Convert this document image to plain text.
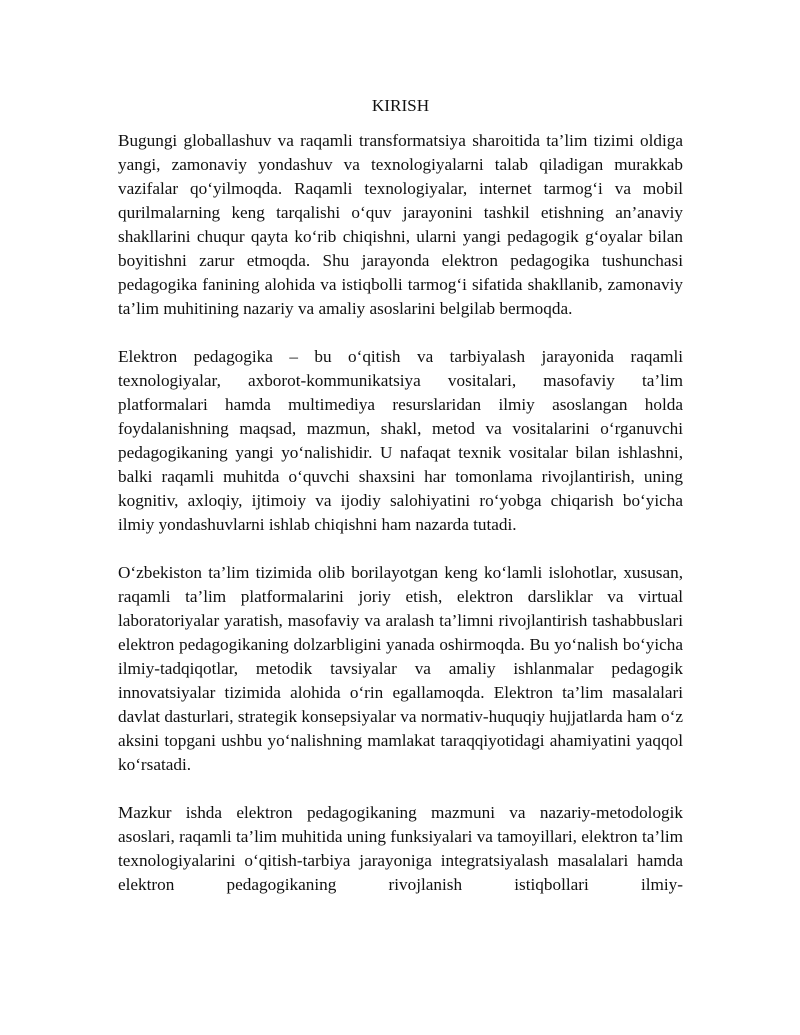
KIRISH

Bugungi globallashuv va raqamli transformatsiya sharoitida ta’lim tizimi oldiga yangi, zamonaviy yondashuv va texnologiyalarni talab qiladigan murakkab vazifalar qo‘yilmoqda. Raqamli texnologiyalar, internet tarmog‘i va mobil qurilmalarning keng tarqalishi o‘quv jarayonini tashkil etishning an’anaviy shakllarini chuqur qayta ko‘rib chiqishni, ularni yangi pedagogik g‘oyalar bilan boyitishni zarur etmoqda. Shu jarayonda elektron pedagogika tushunchasi pedagogika fanining alohida va istiqbolli tarmog‘i sifatida shakllanib, zamonaviy ta’lim muhitining nazariy va amaliy asoslarini belgilab bermoqda.

Elektron pedagogika – bu o‘qitish va tarbiyalash jarayonida raqamli texnologiyalar, axborot-kommunikatsiya vositalari, masofaviy ta’lim platformalari hamda multimediya resurslaridan ilmiy asoslangan holda foydalanishning maqsad, mazmun, shakl, metod va vositalarini o‘rganuvchi pedagogikaning yangi yo‘nalishidir. U nafaqat texnik vositalar bilan ishlashni, balki raqamli muhitda o‘quvchi shaxsini har tomonlama rivojlantirish, uning kognitiv, axloqiy, ijtimoiy va ijodiy salohiyatini ro‘yobga chiqarish bo‘yicha ilmiy yondashuvlarni ishlab chiqishni ham nazarda tutadi.

O‘zbekiston ta’lim tizimida olib borilayotgan keng ko‘lamli islohotlar, xususan, raqamli ta’lim platformalarini joriy etish, elektron darsliklar va virtual laboratoriyalar yaratish, masofaviy va aralash ta’limni rivojlantirish tashabbuslari elektron pedagogikaning dolzarbligini yanada oshirmoqda. Bu yo‘nalish bo‘yicha ilmiy-tadqiqotlar, metodik tavsiyalar va amaliy ishlanmalar pedagogik innovatsiyalar tizimida alohida o‘rin egallamoqda. Elektron ta’lim masalalari davlat dasturlari, strategik konsepsiyalar va normativ-huquqiy hujjatlarda ham o‘z aksini topgani ushbu yo‘nalishning mamlakat taraqqiyotidagi ahamiyatini yaqqol ko‘rsatadi.

Mazkur ishda elektron pedagogikaning mazmuni va nazariy-metodologik asoslari, raqamli ta’lim muhitida uning funksiyalari va tamoyillari, elektron ta’lim texnologiyalarini o‘qitish-tarbiya jarayoniga integratsiyalash masalalari hamda elektron pedagogikaning rivojlanish istiqbollari ilmiy-
